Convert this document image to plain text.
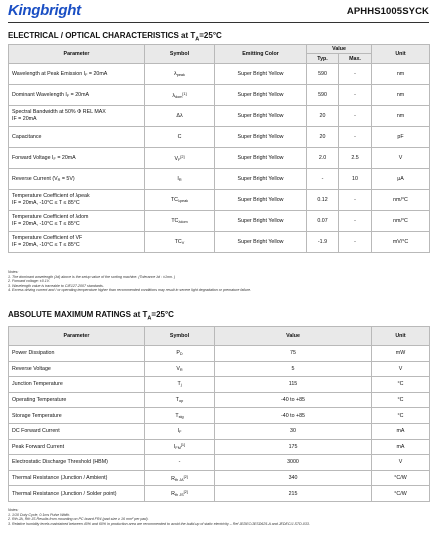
Kingbright	APHHS1005SYCK
ELECTRICAL / OPTICAL CHARACTERISTICS at $T_A=25^\circ C$
Parameter	Symbol	Emitting Color	Value		Unit
			Typ.	Max.	
Wavelength at Peak Emission IF = 20mA	λpeak	Super Bright Yellow	590	-	nm
Dominant Wavelength IF = 20mA	λdom[1]	Super Bright Yellow	590	-	nm

Spectral Bandwidth at 50% Φ REL MAX
IF = 20mA	Δλ	Super Bright Yellow	20	-	nm
Capacitance	C	Super Bright Yellow	20	-	pF
Forward Voltage IF = 20mA	VF[2]	Super Bright Yellow	2.0	2.5	V
Reverse Current (VR = 5V)	IR	Super Bright Yellow	-	10	μA

Temperature Coefficient of λpeak
IF = 20mA, -10°C ≤ T ≤ 85°C	TCλpeak	Super Bright Yellow	0.12	-	nm/°C

Temperature Coefficient of λdom
IF = 20mA, -10°C ≤ T ≤ 85°C	TCλdom	Super Bright Yellow	0.07	-	nm/°C

Temperature Coefficient of VF
IF = 20mA, -10°C ≤ T ≤ 85°C	TCV	Super Bright Yellow	-1.9	-	mV/°C
Notes:
1. The dominant wavelength (λd) above is the setup value of the sorting machine. (Tolerance λd : ±1nm. )
2. Forward voltage: ±0.1V.
3. Wavelength value is traceable to CIE127-2007 standards.
4. Excess driving current and / or operating temperature higher than recommended conditions may result in severe light degradation or premature failure.
ABSOLUTE MAXIMUM RATINGS at $T_A=25^\circ C$
Parameter	Symbol	Value	Unit
Power Dissipation	PD	75	mW
Reverse Voltage	VR	5	V
Junction Temperature	Tj	115	°C
Operating Temperature	Top	-40 to +85	°C
Storage Temperature	Tstg	-40 to +85	°C
DC Forward Current	IF	30	mA
Peak Forward Current	IFM[1]	175	mA
Electrostatic Discharge Threshold (HBM)	-	3000	V
Thermal Resistance (Junction / Ambient)	Rth JA[2]	340	°C/W
Thermal Resistance (Junction / Solder point)	Rth JS[2]	215	°C/W
Notes:
1. 1/10 Duty Cycle, 0.1ms Pulse Width.
2. Rth JA, Rth JS Results from mounting on PC board FR4 (pad size ≥ 16 mm² per pad).
3. Relative humidity levels maintained between 40% and 60% in production area are recommended to avoid the build-up of static electricity – Ref JEDEC/JESD625-A and JEDEC/J-STD-033.
